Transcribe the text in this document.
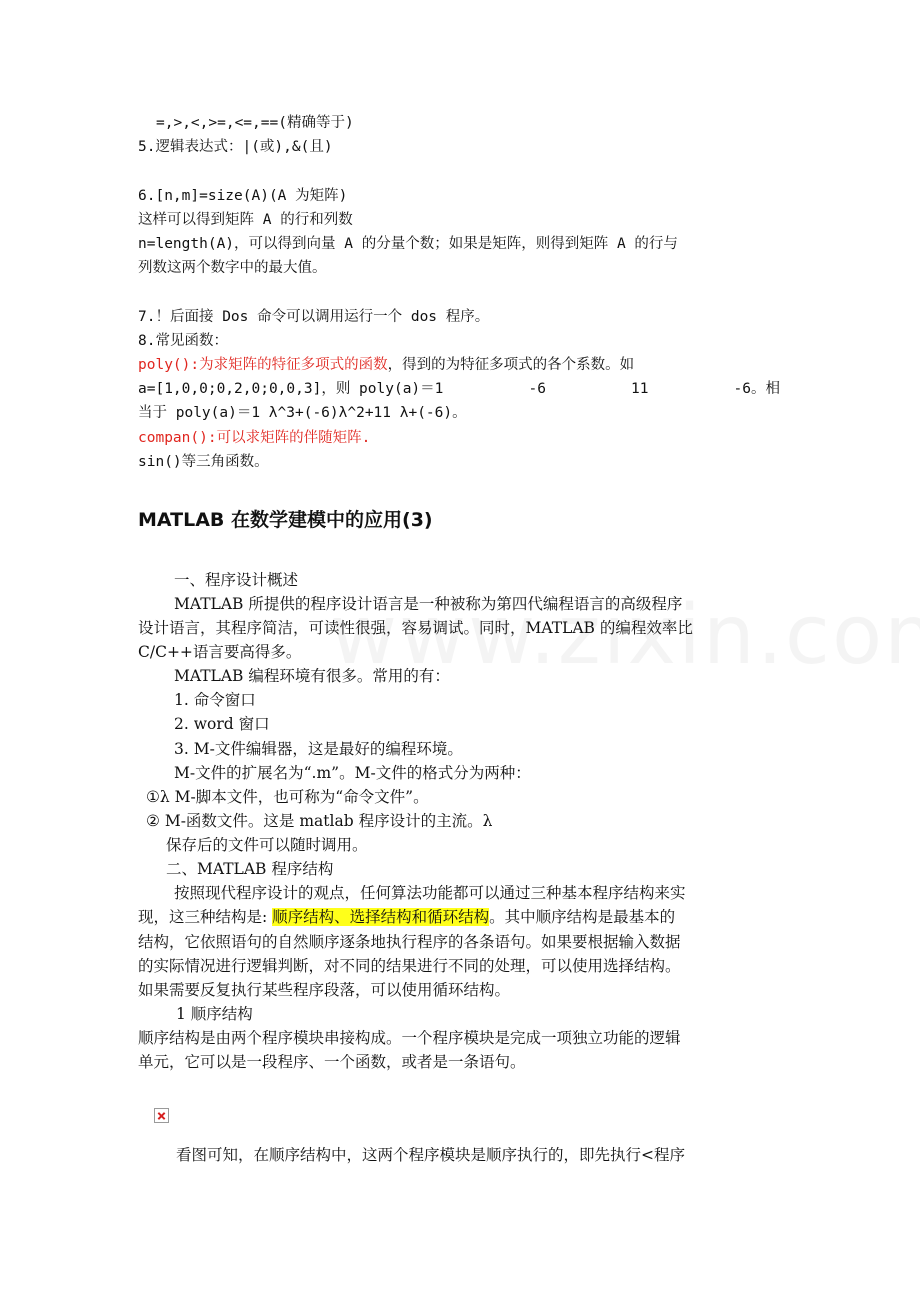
=,>,<,>=,<=,==(精确等于)
5.逻辑表达式：|(或),&(且)
6.[n,m]=size(A)(A 为矩阵)
这样可以得到矩阵 A 的行和列数
n=length(A)，可以得到向量 A 的分量个数；如果是矩阵，则得到矩阵 A 的行与
列数这两个数字中的最大值。
7.！后面接 Dos 命令可以调用运行一个 dos 程序。
8.常见函数：
poly():为求矩阵的特征多项式的函数，得到的为特征多项式的各个系数。如
a=[1,0,0;0,2,0;0,0,3]，则 poly(a)＝1	-6	11	-6。相
当于 poly(a)＝1 λ^3+(-6)λ^2+11 λ+(-6)。
compan():可以求矩阵的伴随矩阵.
sin()等三角函数。
MATLAB 在数学建模中的应用(3)
一、程序设计概述
MATLAB 所提供的程序设计语言是一种被称为第四代编程语言的高级程序
设计语言，其程序简洁，可读性很强，容易调试。同时，MATLAB 的编程效率比
C/C++语言要高得多。
MATLAB 编程环境有很多。常用的有：
1. 命令窗口
2. word 窗口
3. M-文件编辑器，这是最好的编程环境。
M-文件的扩展名为“.m”。M-文件的格式分为两种：
①λ M-脚本文件，也可称为“命令文件”。
② M-函数文件。这是 matlab 程序设计的主流。λ
保存后的文件可以随时调用。
二、MATLAB 程序结构
按照现代程序设计的观点，任何算法功能都可以通过三种基本程序结构来实
现，这三种结构是: 顺序结构、选择结构和循环结构。其中顺序结构是最基本的
结构，它依照语句的自然顺序逐条地执行程序的各条语句。如果要根据输入数据
的实际情况进行逻辑判断，对不同的结果进行不同的处理，可以使用选择结构。
如果需要反复执行某些程序段落，可以使用循环结构。
1 顺序结构
顺序结构是由两个程序模块串接构成。一个程序模块是完成一项独立功能的逻辑
单元，它可以是一段程序、一个函数，或者是一条语句。
看图可知，在顺序结构中，这两个程序模块是顺序执行的，即先执行<程序
